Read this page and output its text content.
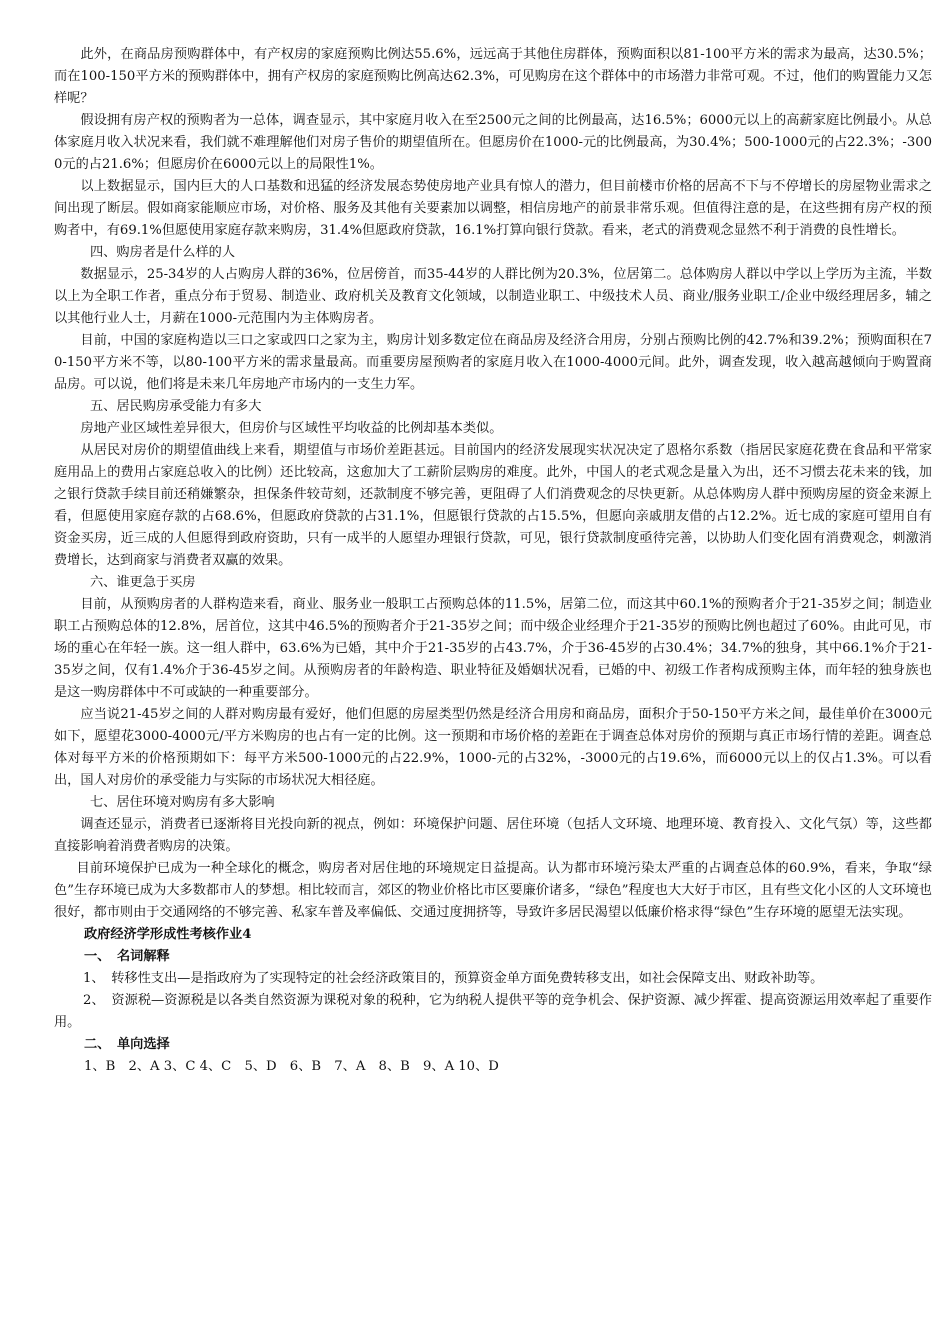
此外，在商品房预购群体中，有产权房的家庭预购比例达55.6%，远远高于其他住房群体，预购面积以81-100平方米的需求为最高，达30.5%；而在100-150平方米的预购群体中，拥有产权房的家庭预购比例高达62.3%，可见购房在这个群体中的市场潜力非常可观。不过，他们的购置能力又怎样呢？

假设拥有房产权的预购者为一总体，调查显示，其中家庭月收入在至2500元之间的比例最高，达16.5%；6000元以上的高薪家庭比例最小。从总体家庭月收入状况来看，我们就不难理解他们对房子售价的期望值所在。但愿房价在1000-元的比例最高，为30.4%；500-1000元的占22.3%；-3000元的占21.6%；但愿房价在6000元以上的局限性1%。

以上数据显示，国内巨大的人口基数和迅猛的经济发展态势使房地产业具有惊人的潜力，但目前楼市价格的居高不下与不停增长的房屋物业需求之间出现了断层。假如商家能顺应市场，对价格、服务及其他有关要素加以调整，相信房地产的前景非常乐观。但值得注意的是，在这些拥有房产权的预购者中，有69.1%但愿使用家庭存款来购房，31.4%但愿政府贷款，16.1%打算向银行贷款。看来，老式的消费观念显然不利于消费的良性增长。

四、购房者是什么样的人

数据显示，25-34岁的人占购房人群的36%，位居傍首，而35-44岁的人群比例为20.3%，位居第二。总体购房人群以中学以上学历为主流，半数以上为全职工作者，重点分布于贸易、制造业、政府机关及教育文化领域，以制造业职工、中级技术人员、商业/服务业职工/企业中级经理居多，辅之以其他行业人士，月薪在1000-元范围内为主体购房者。

目前，中国的家庭构造以三口之家或四口之家为主，购房计划多数定位在商品房及经济合用房，分别占预购比例的42.7%和39.2%；预购面积在70-150平方米不等，以80-100平方米的需求量最高。而重要房屋预购者的家庭月收入在1000-4000元间。此外，调查发现，收入越高越倾向于购置商品房。可以说，他们将是未来几年房地产市场内的一支生力军。

五、居民购房承受能力有多大

房地产业区域性差异很大，但房价与区域性平均收益的比例却基本类似。

从居民对房价的期望值曲线上来看，期望值与市场价差距甚远。目前国内的经济发展现实状况决定了恩格尔系数（指居民家庭花费在食品和平常家庭用品上的费用占家庭总收入的比例）还比较高，这愈加大了工薪阶层购房的难度。此外，中国人的老式观念是量入为出，还不习惯去花未来的钱，加之银行贷款手续目前还稍嫌繁杂，担保条件较苛刻，还款制度不够完善，更阻碍了人们消费观念的尽快更新。从总体购房人群中预购房屋的资金来源上看，但愿使用家庭存款的占68.6%，但愿政府贷款的占31.1%，但愿银行贷款的占15.5%，但愿向亲戚朋友借的占12.2%。近七成的家庭可望用自有资金买房，近三成的人但愿得到政府资助，只有一成半的人愿望办理银行贷款，可见，银行贷款制度亟待完善，以协助人们变化固有消费观念，刺激消费增长，达到商家与消费者双赢的效果。

六、谁更急于买房

目前，从预购房者的人群构造来看，商业、服务业一般职工占预购总体的11.5%，居第二位，而这其中60.1%的预购者介于21-35岁之间；制造业职工占预购总体的12.8%，居首位，这其中46.5%的预购者介于21-35岁之间；而中级企业经理介于21-35岁的预购比例也超过了60%。由此可见，市场的重心在年轻一族。这一组人群中，63.6%为已婚，其中介于21-35岁的占43.7%，介于36-45岁的占30.4%；34.7%的独身，其中66.1%介于21-35岁之间，仅有1.4%介于36-45岁之间。从预购房者的年龄构造、职业特征及婚姻状况看，已婚的中、初级工作者构成预购主体，而年轻的独身族也是这一购房群体中不可或缺的一种重要部分。

应当说21-45岁之间的人群对购房最有爱好，他们但愿的房屋类型仍然是经济合用房和商品房，面积介于50-150平方米之间，最佳单价在3000元如下，愿望花3000-4000元/平方米购房的也占有一定的比例。这一预期和市场价格的差距在于调查总体对房价的预期与真正市场行情的差距。调查总体对每平方米的价格预期如下：每平方米500-1000元的占22.9%，1000-元的占32%，-3000元的占19.6%，而6000元以上的仅占1.3%。可以看出，国人对房价的承受能力与实际的市场状况大相径庭。

七、居住环境对购房有多大影响

调查还显示，消费者已逐渐将目光投向新的视点，例如：环境保护问题、居住环境（包括人文环境、地理环境、教育投入、文化气氛）等，这些都直接影响着消费者购房的决策。

目前环境保护已成为一种全球化的概念，购房者对居住地的环境规定日益提高。认为都市环境污染太严重的占调查总体的60.9%，看来，争取“绿色”生存环境已成为大多数都市人的梦想。相比较而言，郊区的物业价格比市区要廉价诸多，“绿色”程度也大大好于市区，且有些文化小区的人文环境也很好，都市则由于交通网络的不够完善、私家车普及率偏低、交通过度拥挤等，导致许多居民渴望以低廉价格求得“绿色”生存环境的愿望无法实现。

政府经济学形成性考核作业4

一、　名词解释

1、　转移性支出—是指政府为了实现特定的社会经济政策目的，预算资金单方面免费转移支出，如社会保障支出、财政补助等。

2、　资源税—资源税是以各类自然资源为课税对象的税种，它为纳税人提供平等的竞争机会、保护资源、减少挥霍、提高资源运用效率起了重要作用。

二、　单向选择

1、B　2、A 3、C 4、C　5、D　6、B　7、A　8、B　9、A 10、D
